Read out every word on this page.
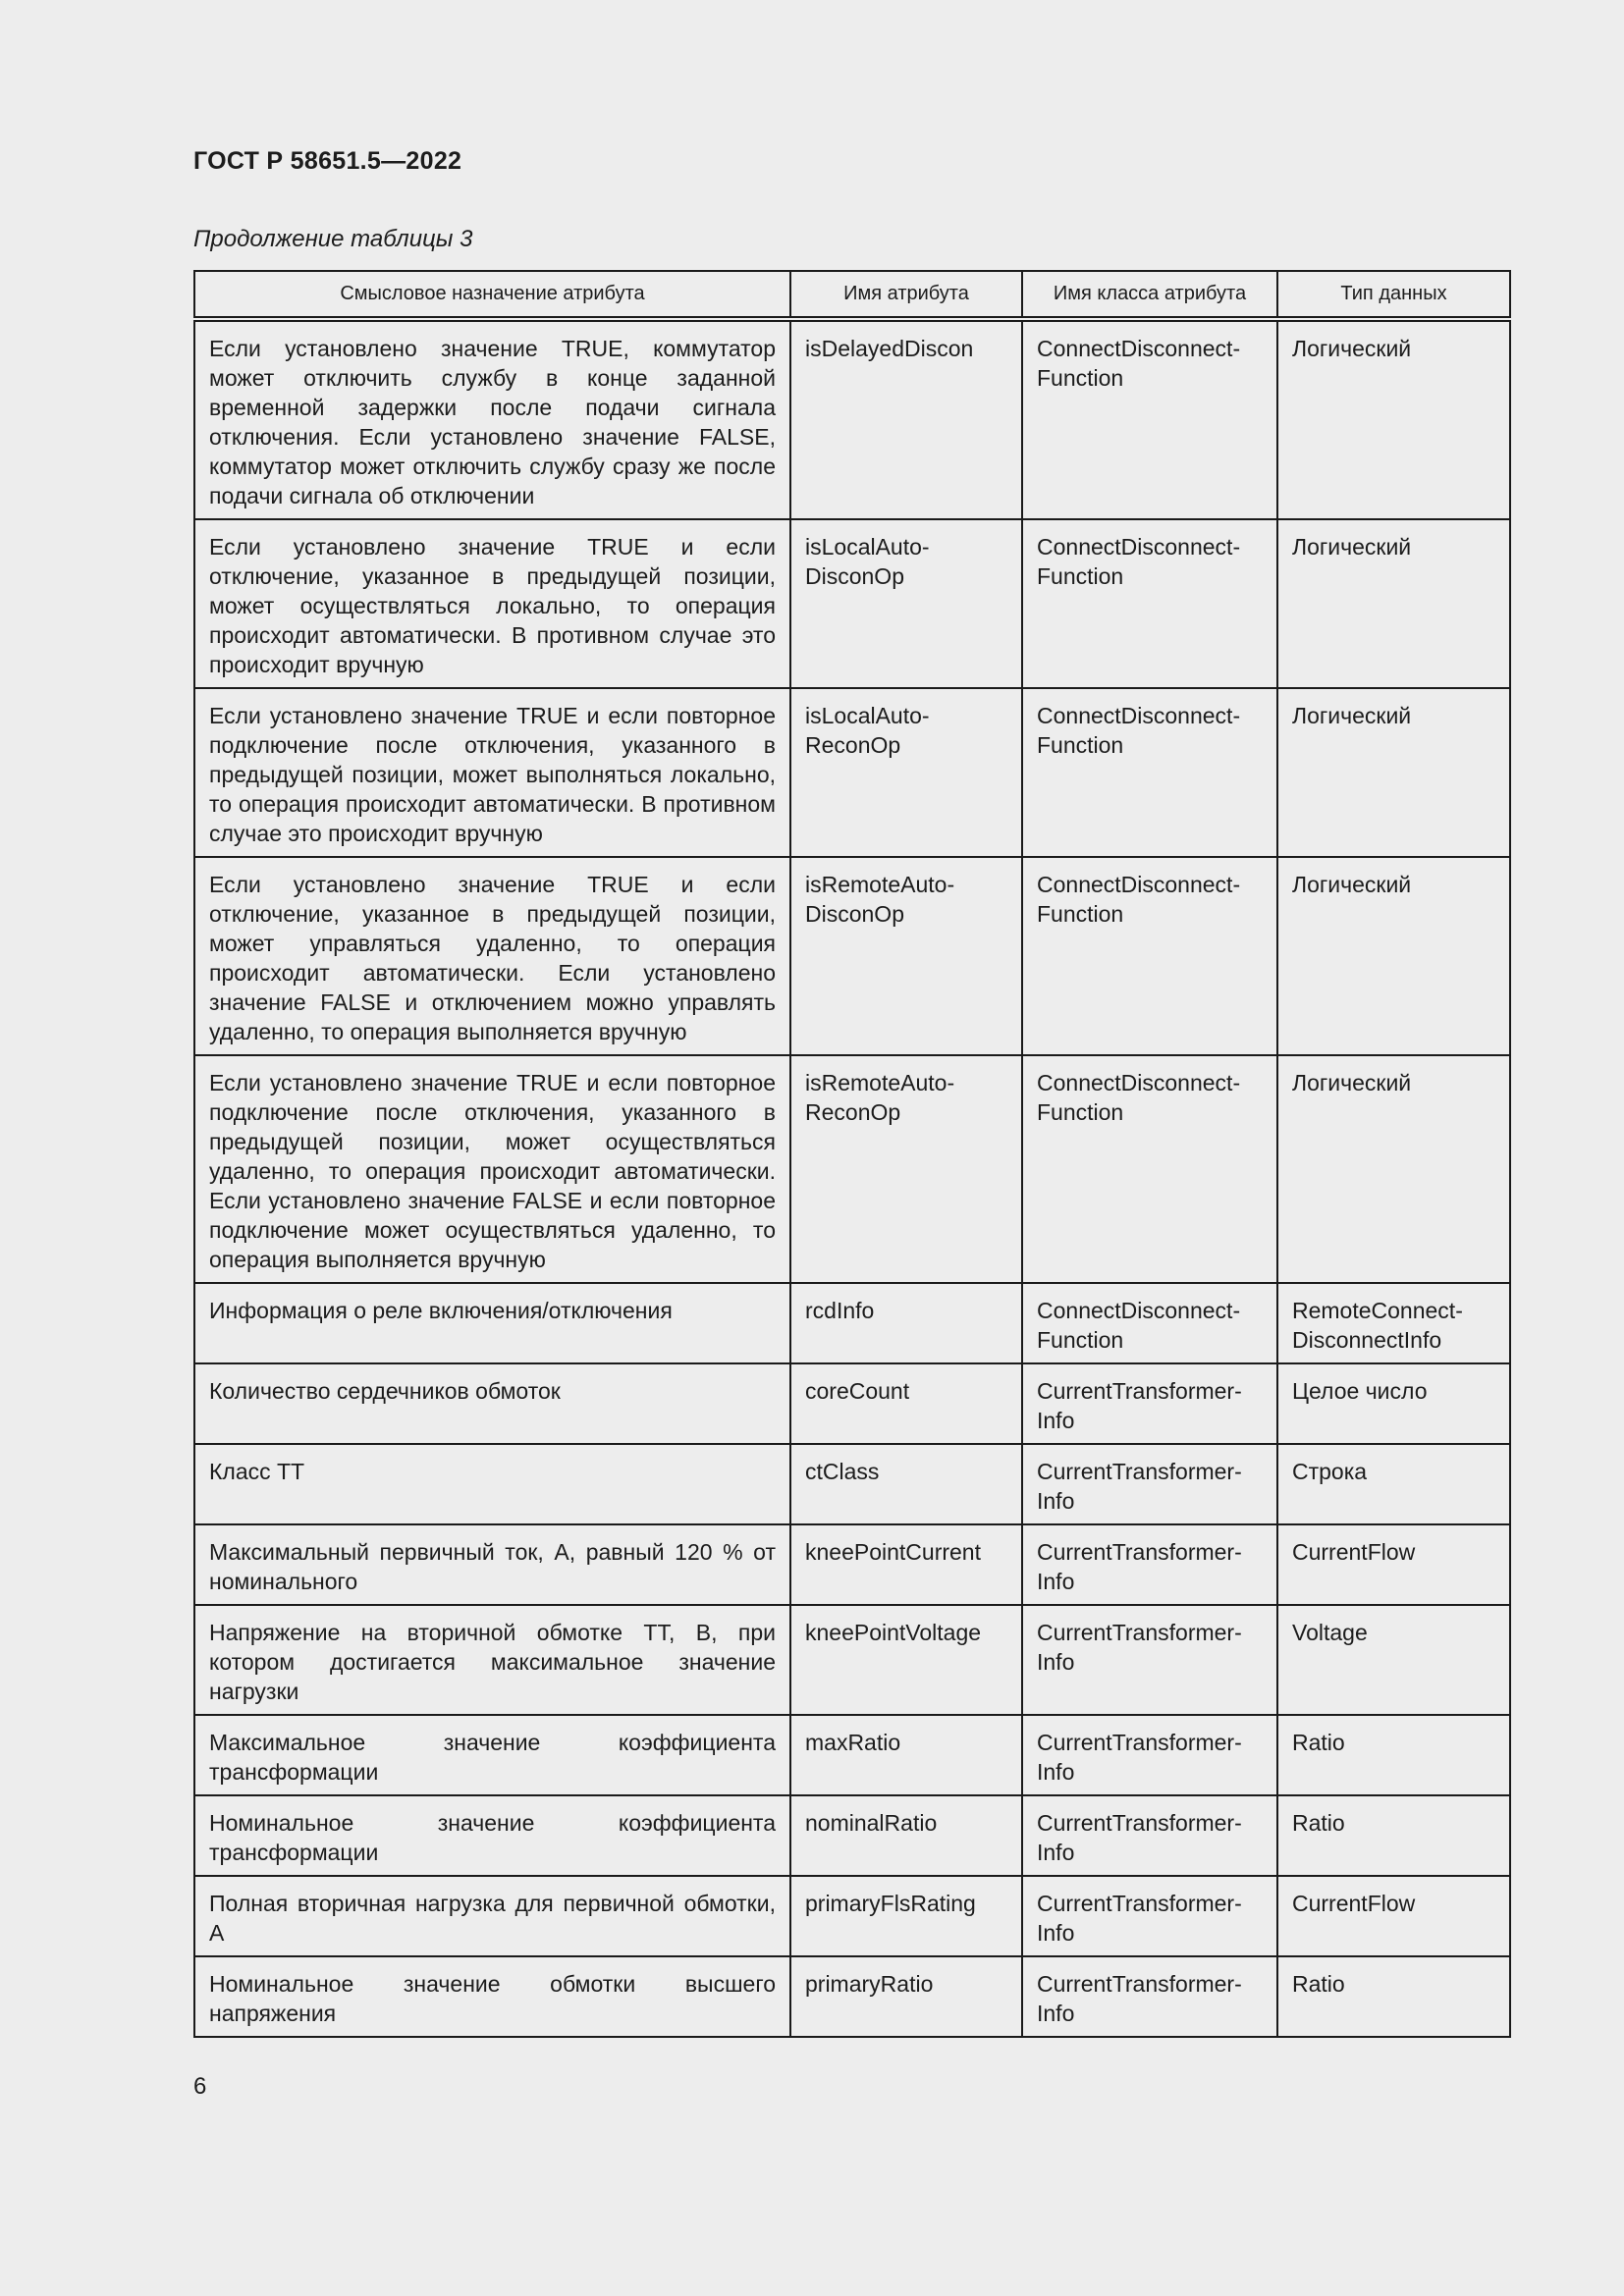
ГОСТ Р 58651.5—2022
Продолжение таблицы 3
Смысловое назначение атрибута	Имя атрибута	Имя класса атрибута	Тип данных
Если установлено значение TRUE, коммутатор может отключить службу в конце заданной временной задержки после подачи сигнала отключения. Если установлено значение FALSE, коммутатор может отключить службу сразу же после подачи сигнала об отключении	isDelayedDiscon	ConnectDisconnect-Function	Логический
Если установлено значение TRUE и если отключение, указанное в предыдущей позиции, может осуществляться локально, то операция происходит автоматически. В противном случае это происходит вручную	isLocalAuto-DisconOp	ConnectDisconnect-Function	Логический
Если установлено значение TRUE и если повторное подключение после отключения, указанного в предыдущей позиции, может выполняться локально, то операция происходит автоматически. В противном случае это происходит вручную	isLocalAuto-ReconOp	ConnectDisconnect-Function	Логический
Если установлено значение TRUE и если отключение, указанное в предыдущей позиции, может управляться удаленно, то операция происходит автоматически. Если установлено значение FALSE и отключением можно управлять удаленно, то операция выполняется вручную	isRemoteAuto-DisconOp	ConnectDisconnect-Function	Логический
Если установлено значение TRUE и если повторное подключение после отключения, указанного в предыдущей позиции, может осуществляться удаленно, то операция происходит автоматически. Если установлено значение FALSE и если повторное подключение может осуществляться удаленно, то операция выполняется вручную	isRemoteAuto-ReconOp	ConnectDisconnect-Function	Логический
Информация о реле включения/отключения	rcdInfo	ConnectDisconnect-Function	RemoteConnect-DisconnectInfo
Количество сердечников обмоток	coreCount	CurrentTransformer-Info	Целое число
Класс ТТ	ctClass	CurrentTransformer-Info	Строка
Максимальный первичный ток, А, равный 120 % от номинального	kneePointCurrent	CurrentTransformer-Info	CurrentFlow
Напряжение на вторичной обмотке ТТ, В, при котором достигается максимальное значение нагрузки	kneePointVoltage	CurrentTransformer-Info	Voltage
Максимальное значение коэффициента трансформации	maxRatio	CurrentTransformer-Info	Ratio
Номинальное значение коэффициента трансформации	nominalRatio	CurrentTransformer-Info	Ratio
Полная вторичная нагрузка для первичной обмотки, А	primaryFlsRating	CurrentTransformer-Info	CurrentFlow
Номинальное значение обмотки высшего напряжения	primaryRatio	CurrentTransformer-Info	Ratio
6
